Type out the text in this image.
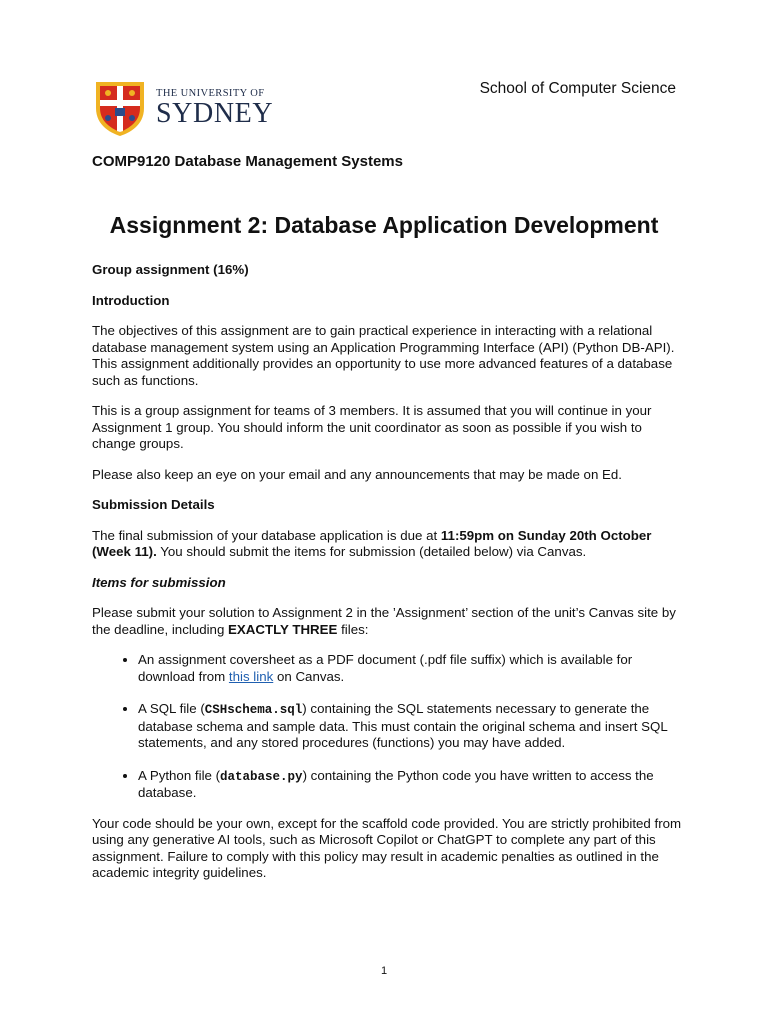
THE UNIVERSITY OF
SYDNEY
School of Computer Science
COMP9120 Database Management Systems
Assignment 2: Database Application Development

Group assignment (16%)

Introduction

The objectives of this assignment are to gain practical experience in interacting with a relational database management system using an Application Programming Interface (API) (Python DB-API). This assignment additionally provides an opportunity to use more advanced features of a database such as functions.

This is a group assignment for teams of 3 members. It is assumed that you will continue in your Assignment 1 group. You should inform the unit coordinator as soon as possible if you wish to change groups.

Please also keep an eye on your email and any announcements that may be made on Ed.

Submission Details

The final submission of your database application is due at 11:59pm on Sunday 20th October (Week 11). You should submit the items for submission (detailed below) via Canvas.

Items for submission

Please submit your solution to Assignment 2 in the ’Assignment’ section of the unit’s Canvas site by the deadline, including EXACTLY THREE files:

• An assignment coversheet as a PDF document (.pdf file suffix) which is available for download from this link on Canvas.
• A SQL file (CSHschema.sql) containing the SQL statements necessary to generate the database schema and sample data. This must contain the original schema and insert SQL statements, and any stored procedures (functions) you may have added.
• A Python file (database.py) containing the Python code you have written to access the database.

Your code should be your own, except for the scaffold code provided. You are strictly prohibited from using any generative AI tools, such as Microsoft Copilot or ChatGPT to complete any part of this assignment. Failure to comply with this policy may result in academic penalties as outlined in the academic integrity guidelines.

1
